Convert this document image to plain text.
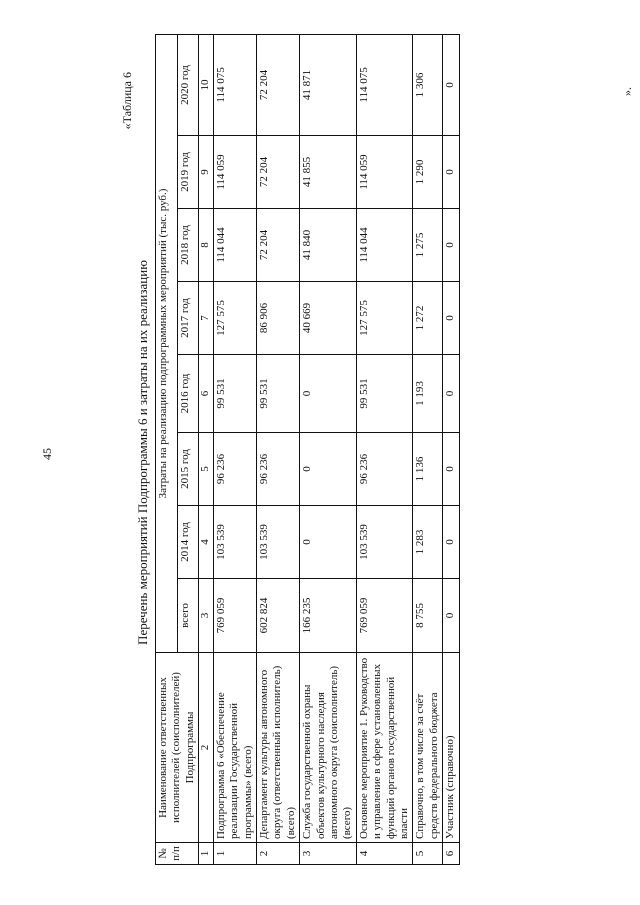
45
«Таблица 6
Перечень мероприятий Подпрограммы 6 и затраты на их реализацию
№ п/п	Наименование ответственных исполнителей (соисполнителей) Подпрограммы	Затраты на реализацию подпрограммных мероприятий (тыс. руб.)							
		всего	2014 год	2015 год	2016 год	2017 год	2018 год	2019 год	2020 год
1	2	3	4	5	6	7	8	9	10
1	Подпрограмма 6 «Обеспечение реализации Государственной программы» (всего)	769 059	103 539	96 236	99 531	127 575	114 044	114 059	114 075
2	Департамент культуры автономного округа (ответственный исполнитель) (всего)	602 824	103 539	96 236	99 531	86 906	72 204	72 204	72 204
3	Служба государственной охраны объектов культурного наследия автономного округа (соисполнитель) (всего)	166 235	0	0	0	40 669	41 840	41 855	41 871
4	Основное мероприятие 1. Руководство и управление в сфере установленных функций органов государственной власти	769 059	103 539	96 236	99 531	127 575	114 044	114 059	114 075
5	Справочно, в том числе за счёт средств федерального бюджета	8 755	1 283	1 136	1 193	1 272	1 275	1 290	1 306
6	Участник (справочно)	0	0	0	0	0	0	0	0
».
